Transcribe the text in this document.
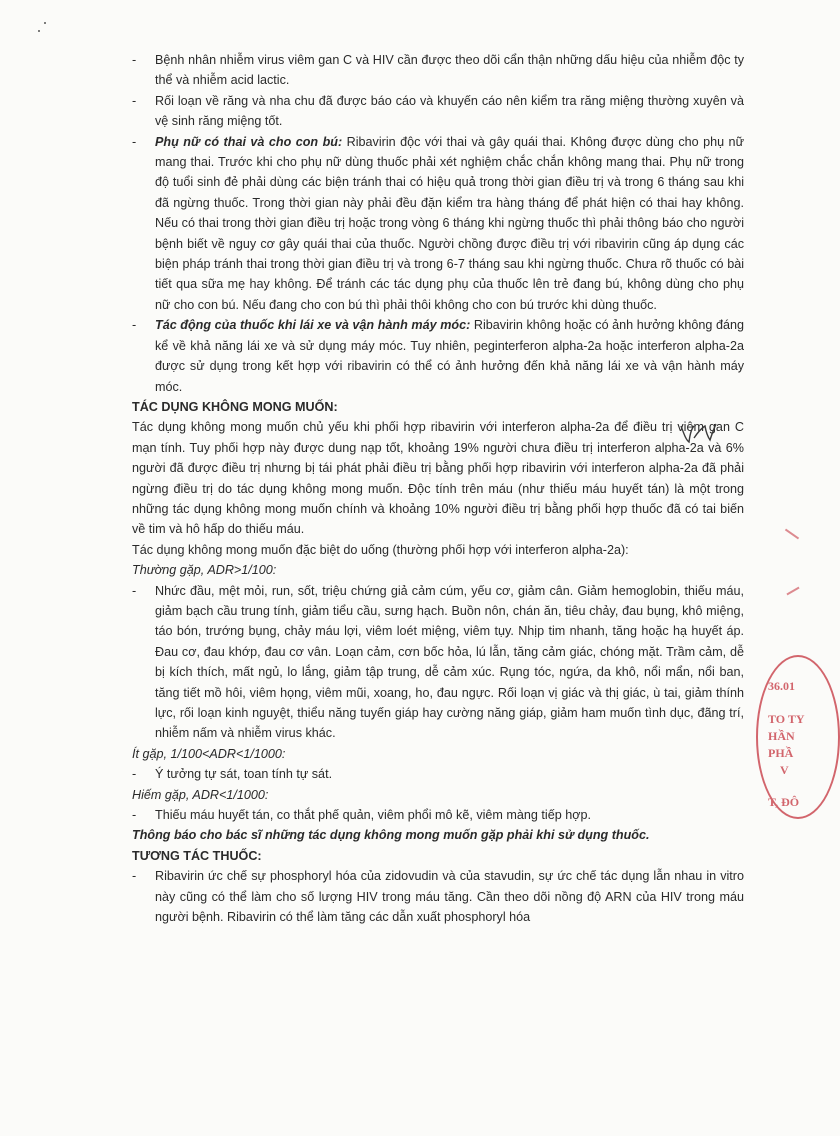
- Bệnh nhân nhiễm virus viêm gan C và HIV cần được theo dõi cẩn thận những dấu hiệu của nhiễm độc ty thể và nhiễm acid lactic.
- Rối loạn về răng và nha chu đã được báo cáo và khuyến cáo nên kiểm tra răng miệng thường xuyên và vệ sinh răng miệng tốt.
- Phụ nữ có thai và cho con bú: Ribavirin độc với thai và gây quái thai. Không được dùng cho phụ nữ mang thai. Trước khi cho phụ nữ dùng thuốc phải xét nghiệm chắc chắn không mang thai. Phụ nữ trong độ tuổi sinh đẻ phải dùng các biện tránh thai có hiệu quả trong thời gian điều trị và trong 6 tháng sau khi đã ngừng thuốc. Trong thời gian này phải đều đặn kiểm tra hàng tháng để phát hiện có thai hay không. Nếu có thai trong thời gian điều trị hoặc trong vòng 6 tháng khi ngừng thuốc thì phải thông báo cho người bệnh biết về nguy cơ gây quái thai của thuốc. Người chồng được điều trị với ribavirin cũng áp dụng các biện pháp tránh thai trong thời gian điều trị và trong 6-7 tháng sau khi ngừng thuốc. Chưa rõ thuốc có bài tiết qua sữa mẹ hay không. Để tránh các tác dụng phụ của thuốc lên trẻ đang bú, không dùng cho phụ nữ cho con bú. Nếu đang cho con bú thì phải thôi không cho con bú trước khi dùng thuốc.
- Tác động của thuốc khi lái xe và vận hành máy móc: Ribavirin không hoặc có ảnh hưởng không đáng kể về khả năng lái xe và sử dụng máy móc. Tuy nhiên, peginterferon alpha-2a hoặc interferon alpha-2a được sử dụng trong kết hợp với ribavirin có thể có ảnh hưởng đến khả năng lái xe và vận hành máy móc.

TÁC DỤNG KHÔNG MONG MUỐN:

Tác dụng không mong muốn chủ yếu khi phối hợp ribavirin với interferon alpha-2a để điều trị viêm gan C mạn tính. Tuy phối hợp này được dung nạp tốt, khoảng 19% người chưa điều trị interferon alpha-2a và 6% người đã được điều trị nhưng bị tái phát phải điều trị bằng phối hợp ribavirin với interferon alpha-2a đã phải ngừng điều trị do tác dụng không mong muốn. Độc tính trên máu (như thiếu máu huyết tán) là một trong những tác dụng không mong muốn chính và khoảng 10% người điều trị bằng phối hợp thuốc đã có tai biến về tim và hô hấp do thiếu máu.

Tác dụng không mong muốn đặc biệt do uống (thường phối hợp với interferon alpha-2a):

Thường gặp, ADR>1/100:

- Nhức đầu, mệt mỏi, run, sốt, triệu chứng giả cảm cúm, yếu cơ, giảm cân. Giảm hemoglobin, thiếu máu, giảm bạch cầu trung tính, giảm tiểu cầu, sưng hạch. Buồn nôn, chán ăn, tiêu chảy, đau bụng, khô miệng, táo bón, trướng bụng, chảy máu lợi, viêm loét miệng, viêm tụy. Nhịp tim nhanh, tăng hoặc hạ huyết áp. Đau cơ, đau khớp, đau cơ vân. Loạn cảm, cơn bốc hỏa, lú lẫn, tăng cảm giác, chóng mặt. Trầm cảm, dễ bị kích thích, mất ngủ, lo lắng, giảm tập trung, dễ cảm xúc. Rụng tóc, ngứa, da khô, nổi mẩn, nổi ban, tăng tiết mồ hôi, viêm họng, viêm mũi, xoang, ho, đau ngực. Rối loạn vị giác và thị giác, ù tai, giảm thính lực, rối loạn kinh nguyệt, thiểu năng tuyến giáp hay cường năng giáp, giảm ham muốn tình dục, đãng trí, nhiễm nấm và nhiễm virus khác.

Ít gặp, 1/100<ADR<1/1000:

- Ý tưởng tự sát, toan tính tự sát.

Hiếm gặp, ADR<1/1000:

- Thiếu máu huyết tán, co thắt phế quản, viêm phổi mô kẽ, viêm màng tiếp hợp.

Thông báo cho bác sĩ những tác dụng không mong muốn gặp phải khi sử dụng thuốc.

TƯƠNG TÁC THUỐC:

- Ribavirin ức chế sự phosphoryl hóa của zidovudin và của stavudin, sự ức chế tác dụng lẫn nhau in vitro này cũng có thể làm cho số lượng HIV trong máu tăng. Cần theo dõi nồng độ ARN của HIV trong máu người bệnh. Ribavirin có thể làm tăng các dẫn xuất phosphoryl hóa
36.01
TO TY
HẦN
PHẦ
V
T, ĐÔ
